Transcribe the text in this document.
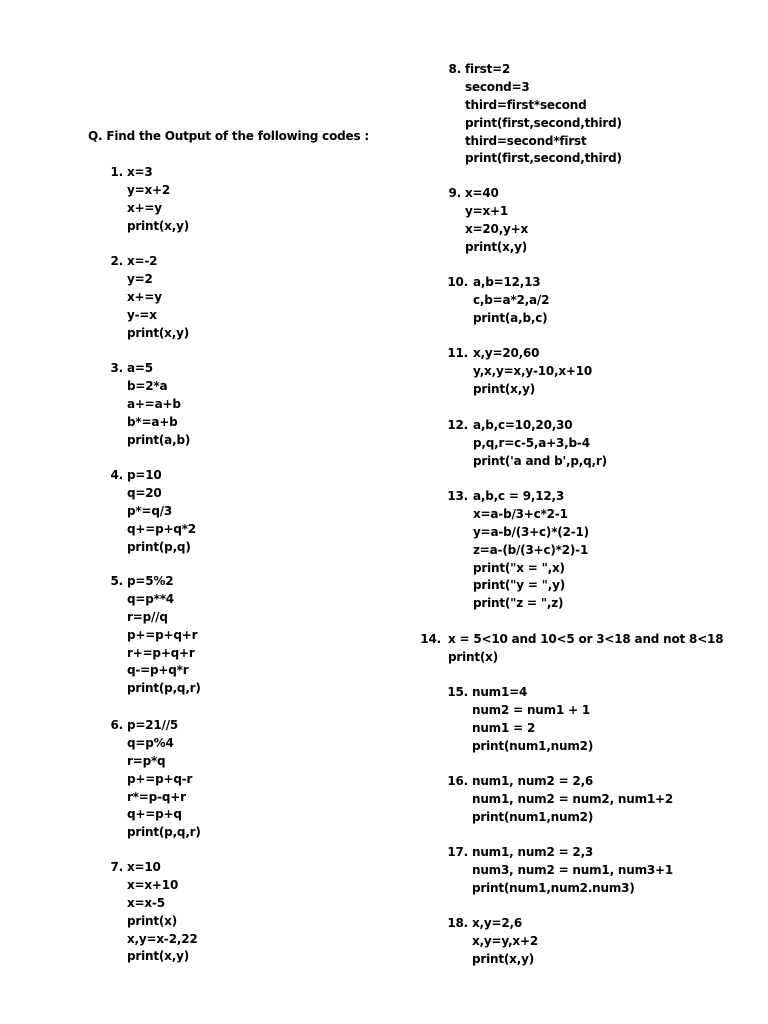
Q. Find the Output of the following codes :
1. x=3
y=x+2
x+=y
print(x,y)
2. x=-2
y=2
x+=y
y-=x
print(x,y)
3. a=5
b=2*a
a+=a+b
b*=a+b
print(a,b)
4. p=10
q=20
p*=q/3
q+=p+q*2
print(p,q)
5. p=5%2
q=p**4
r=p//q
p+=p+q+r
r+=p+q+r
q-=p+q*r
print(p,q,r)
6. p=21//5
q=p%4
r=p*q
p+=p+q-r
r*=p-q+r
q+=p+q
print(p,q,r)
7. x=10
x=x+10
x=x-5
print(x)
x,y=x-2,22
print(x,y)
8. first=2
second=3
third=first*second
print(first,second,third)
third=second*first
print(first,second,third)
9. x=40
y=x+1
x=20,y+x
print(x,y)
10. a,b=12,13
c,b=a*2,a/2
print(a,b,c)
11. x,y=20,60
y,x,y=x,y-10,x+10
print(x,y)
12. a,b,c=10,20,30
p,q,r=c-5,a+3,b-4
print('a and b',p,q,r)
13. a,b,c = 9,12,3
x=a-b/3+c*2-1
y=a-b/(3+c)*(2-1)
z=a-(b/(3+c)*2)-1
print("x = ",x)
print("y = ",y)
print("z = ",z)
14. x = 5<10 and 10<5 or 3<18 and not 8<18
print(x)
15. num1=4
num2 = num1 + 1
num1 = 2
print(num1,num2)
16. num1, num2 = 2,6
num1, num2 = num2, num1+2
print(num1,num2)
17. num1, num2 = 2,3
num3, num2 = num1, num3+1
print(num1,num2.num3)
18. x,y=2,6
x,y=y,x+2
print(x,y)
